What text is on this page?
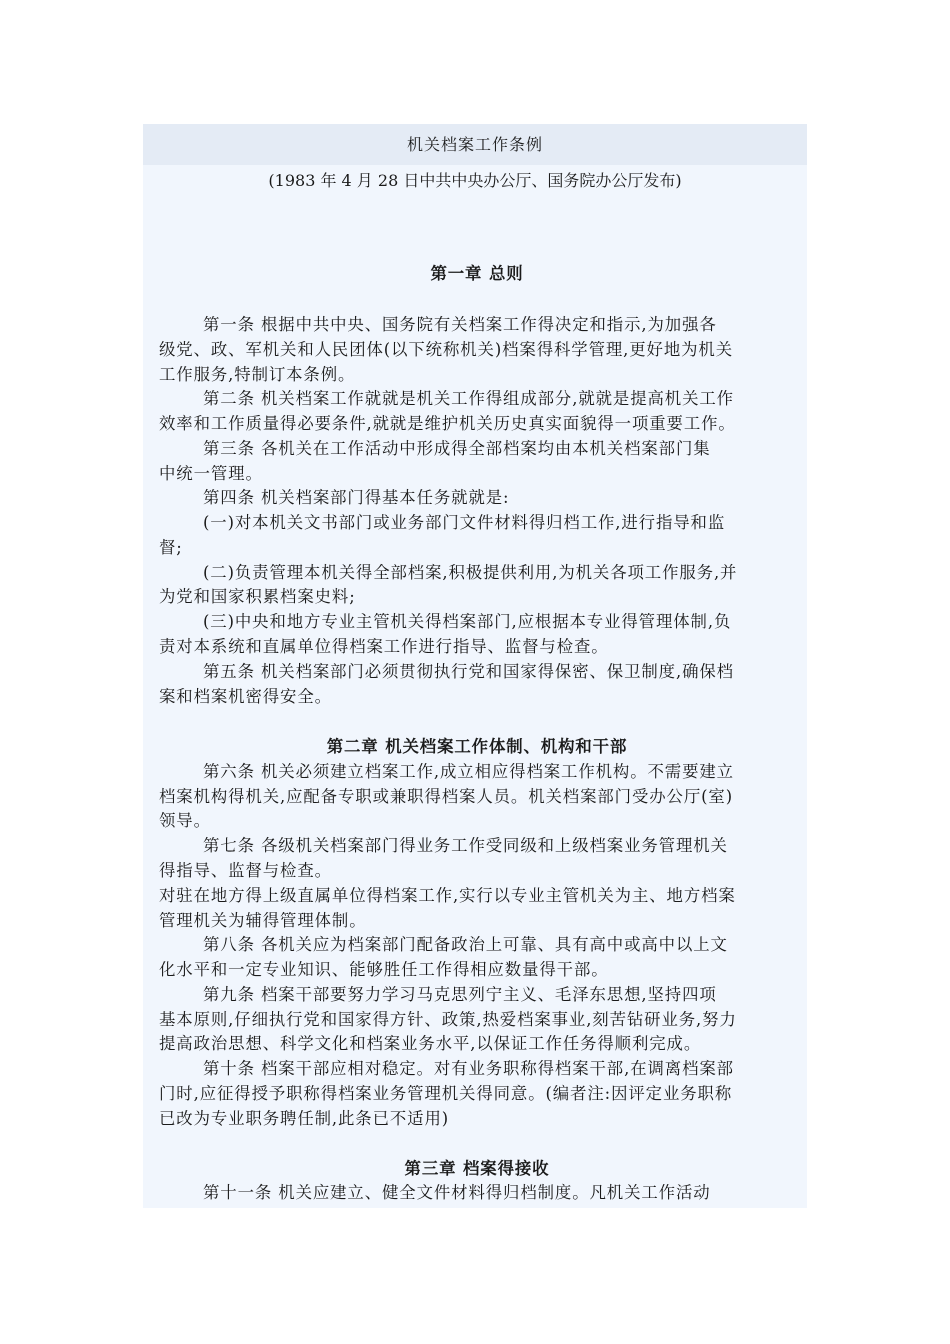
机关档案工作条例
(1983 年 4 月 28 日中共中央办公厅、国务院办公厅发布)
第一章 总则
第一条 根据中共中央、国务院有关档案工作得决定和指示,为加强各
级党、政、军机关和人民团体(以下统称机关)档案得科学管理,更好地为机关
工作服务,特制订本条例。
第二条 机关档案工作就就是机关工作得组成部分,就就是提高机关工作
效率和工作质量得必要条件,就就是维护机关历史真实面貌得一项重要工作。
第三条 各机关在工作活动中形成得全部档案均由本机关档案部门集
中统一管理。
第四条 机关档案部门得基本任务就就是:
(一)对本机关文书部门或业务部门文件材料得归档工作,进行指导和监
督;
(二)负责管理本机关得全部档案,积极提供利用,为机关各项工作服务,并
为党和国家积累档案史料;
(三)中央和地方专业主管机关得档案部门,应根据本专业得管理体制,负
责对本系统和直属单位得档案工作进行指导、监督与检查。
第五条 机关档案部门必须贯彻执行党和国家得保密、保卫制度,确保档
案和档案机密得安全。
第二章 机关档案工作体制、机构和干部
第六条 机关必须建立档案工作,成立相应得档案工作机构。不需要建立
档案机构得机关,应配备专职或兼职得档案人员。机关档案部门受办公厅(室)
领导。
第七条 各级机关档案部门得业务工作受同级和上级档案业务管理机关
得指导、监督与检查。
对驻在地方得上级直属单位得档案工作,实行以专业主管机关为主、地方档案
管理机关为辅得管理体制。
第八条 各机关应为档案部门配备政治上可靠、具有高中或高中以上文
化水平和一定专业知识、能够胜任工作得相应数量得干部。
第九条 档案干部要努力学习马克思列宁主义、毛泽东思想,坚持四项
基本原则,仔细执行党和国家得方针、政策,热爱档案事业,刻苦钻研业务,努力
提高政治思想、科学文化和档案业务水平,以保证工作任务得顺利完成。
第十条 档案干部应相对稳定。对有业务职称得档案干部,在调离档案部
门时,应征得授予职称得档案业务管理机关得同意。(编者注:因评定业务职称
已改为专业职务聘任制,此条已不适用)
第三章 档案得接收
第十一条 机关应建立、健全文件材料得归档制度。凡机关工作活动
